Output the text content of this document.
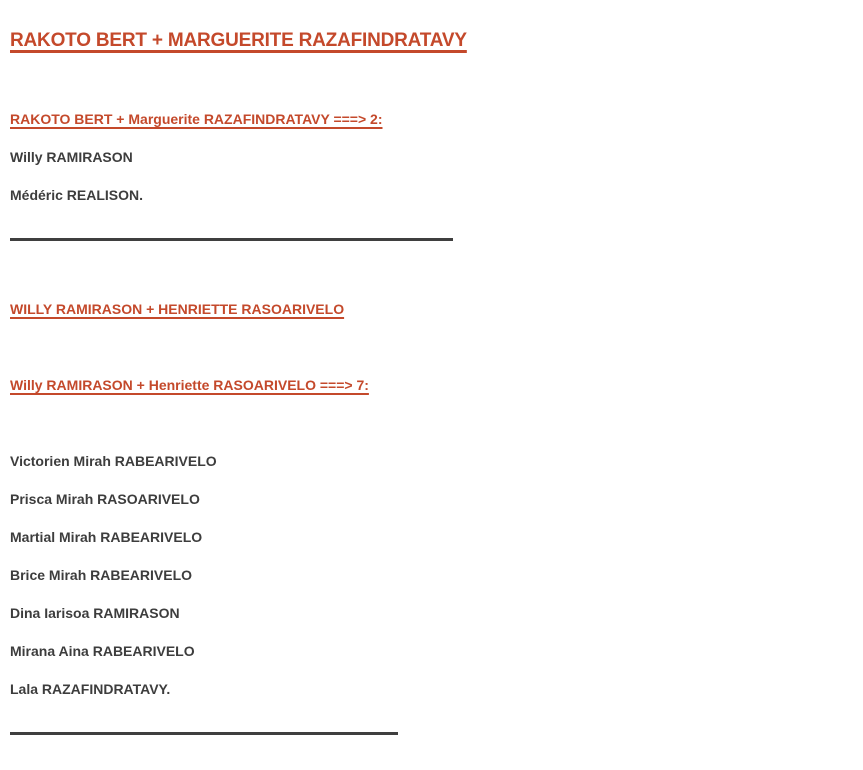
RAKOTO BERT + MARGUERITE RAZAFINDRATAVY
RAKOTO BERT + Marguerite RAZAFINDRATAVY ===> 2:
Willy RAMIRASON
Médéric REALISON.
WILLY RAMIRASON + HENRIETTE RASOARIVELO
Willy RAMIRASON + Henriette RASOARIVELO ===> 7:
Victorien Mirah RABEARIVELO
Prisca Mirah RASOARIVELO
Martial Mirah RABEARIVELO
Brice Mirah RABEARIVELO
Dina Iarisoa RAMIRASON
Mirana Aina RABEARIVELO
Lala RAZAFINDRATAVY.
